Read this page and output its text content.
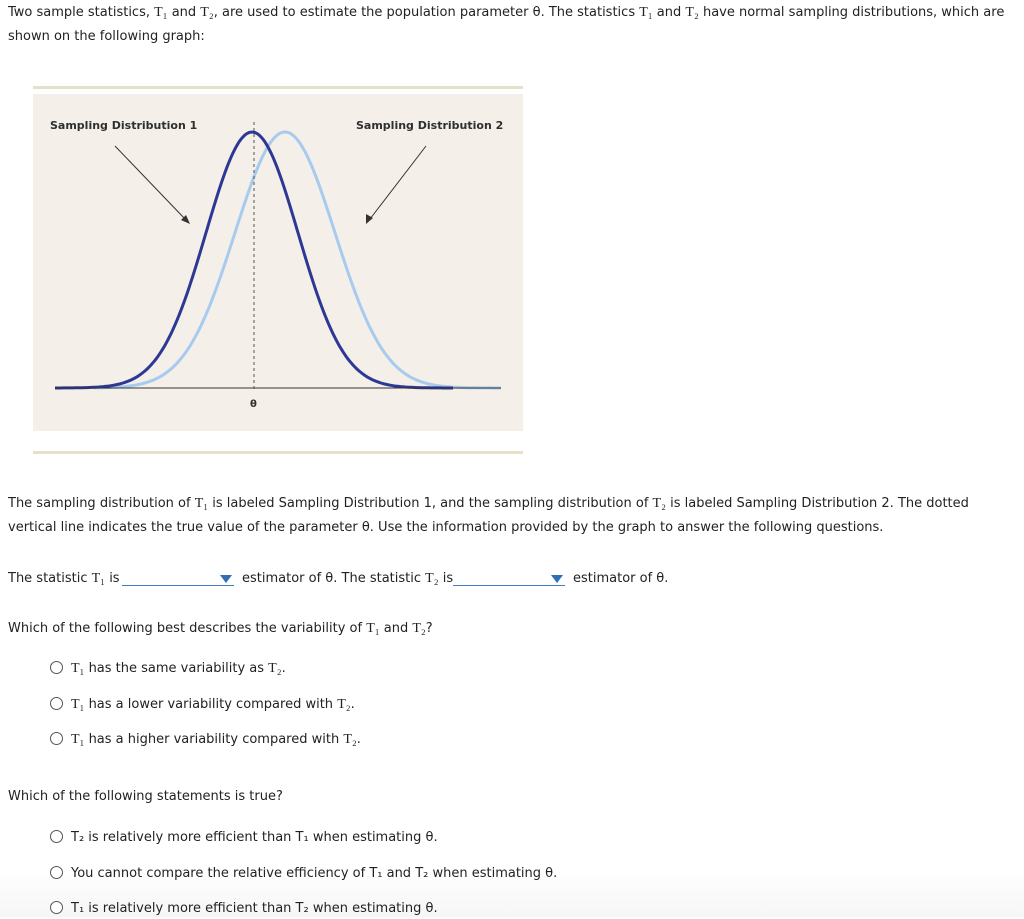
Two sample statistics, T₁ and T₂, are used to estimate the population parameter θ. The statistics T₁ and T₂ have normal sampling distributions, which are shown on the following graph:
Sampling Distribution 1	Sampling Distribution 2
θ
The sampling distribution of T₁ is labeled Sampling Distribution 1, and the sampling distribution of T₂ is labeled Sampling Distribution 2. The dotted vertical line indicates the true value of the parameter θ. Use the information provided by the graph to answer the following questions.
The statistic T₁ is	estimator of θ. The statistic T₂ is	estimator of θ.
Which of the following best describes the variability of T₁ and T₂?
T₁ has the same variability as T₂.
T₁ has a lower variability compared with T₂.
T₁ has a higher variability compared with T₂.
Which of the following statements is true?
T₂ is relatively more efficient than T₁ when estimating θ.
You cannot compare the relative efficiency of T₁ and T₂ when estimating θ.
T₁ is relatively more efficient than T₂ when estimating θ.
